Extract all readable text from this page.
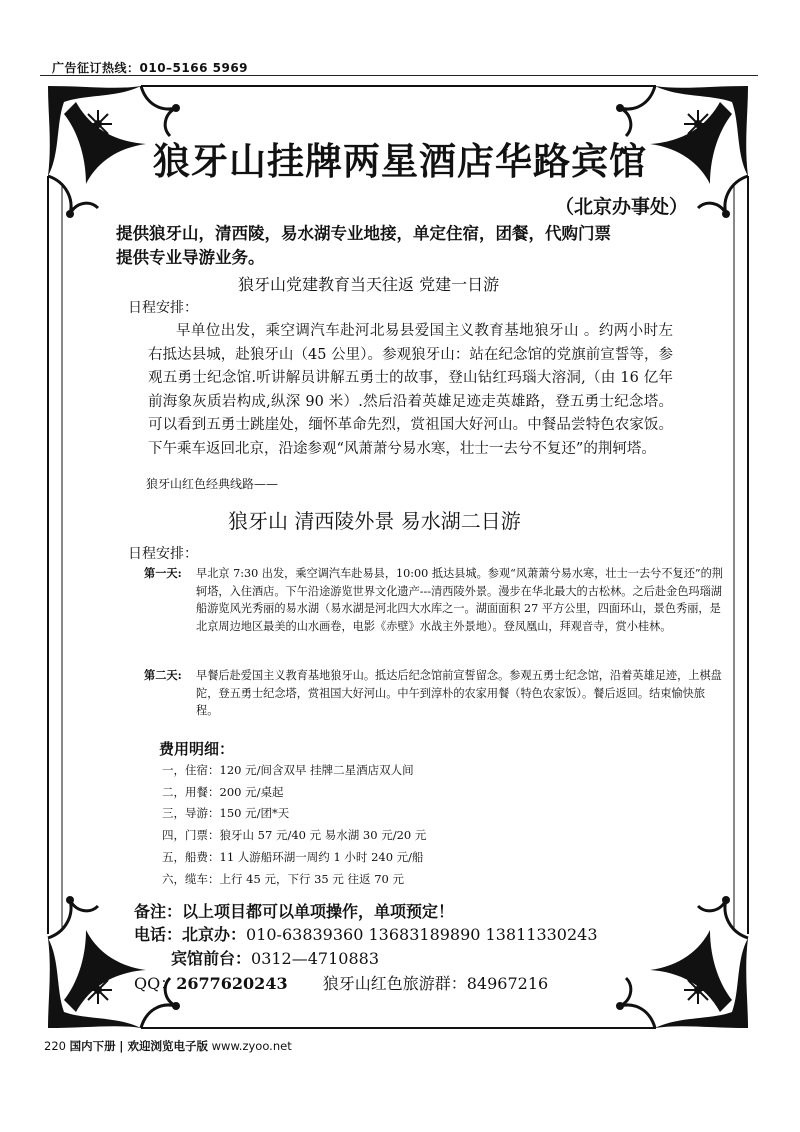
广告征订热线：010–5166 5969
狼牙山挂牌两星酒店华路宾馆
（北京办事处）
提供狼牙山，清西陵，易水湖专业地接，单定住宿，团餐，代购门票
提供专业导游业务。
狼牙山党建教育当天往返 党建一日游
日程安排：
早单位出发，乘空调汽车赴河北易县爱国主义教育基地狼牙山 。约两小时左右抵达县城，赴狼牙山（45 公里）。参观狼牙山：站在纪念馆的党旗前宣誓等，参观五勇士纪念馆.听讲解员讲解五勇士的故事，登山钻红玛瑙大溶洞,（由 16 亿年前海象灰质岩构成,纵深 90 米）.然后沿着英雄足迹走英雄路，登五勇士纪念塔。可以看到五勇士跳崖处，缅怀革命先烈，赏祖国大好河山。中餐品尝特色农家饭。下午乘车返回北京，沿途参观“风萧萧兮易水寒，壮士一去兮不复还”的荆轲塔。
狼牙山红色经典线路——
狼牙山 清西陵外景 易水湖二日游
日程安排：
第一天: 早北京 7:30 出发，乘空调汽车赴易县，10:00 抵达县城。参观“风萧萧兮易水寒，壮士一去兮不复还”的荆轲塔，入住酒店。下午沿途游览世界文化遗产---清西陵外景。漫步在华北最大的古松林。之后赴金色玛瑙湖船游览风光秀丽的易水湖（易水湖是河北四大水库之一。湖面面积 27 平方公里，四面环山，景色秀丽，是北京周边地区最美的山水画卷，电影《赤壁》水战主外景地）。登凤凰山，拜观音寺，赏小桂林。
第二天: 早餐后赴爱国主义教育基地狼牙山。抵达后纪念馆前宣誓留念。参观五勇士纪念馆，沿着英雄足迹，上棋盘陀，登五勇士纪念塔，赏祖国大好河山。中午到淳朴的农家用餐（特色农家饭）。餐后返回。结束愉快旅程。
费用明细：
一，住宿：120 元/间含双早 挂牌二星酒店双人间
二，用餐：200 元/桌起
三，导游：150 元/团*天
四，门票：狼牙山 57 元/40 元 易水湖 30 元/20 元
五，船费：11 人游船环湖一周约 1 小时 240 元/船
六，缆车：上行 45 元，下行 35 元 往返 70 元
备注：以上项目都可以单项操作，单项预定！
电话：北京办：010-63839360 13683189890 13811330243
宾馆前台：0312—4710883
QQ：2677620243 狼牙山红色旅游群：84967216
220 国内下册 | 欢迎浏览电子版 www.zyoo.net
